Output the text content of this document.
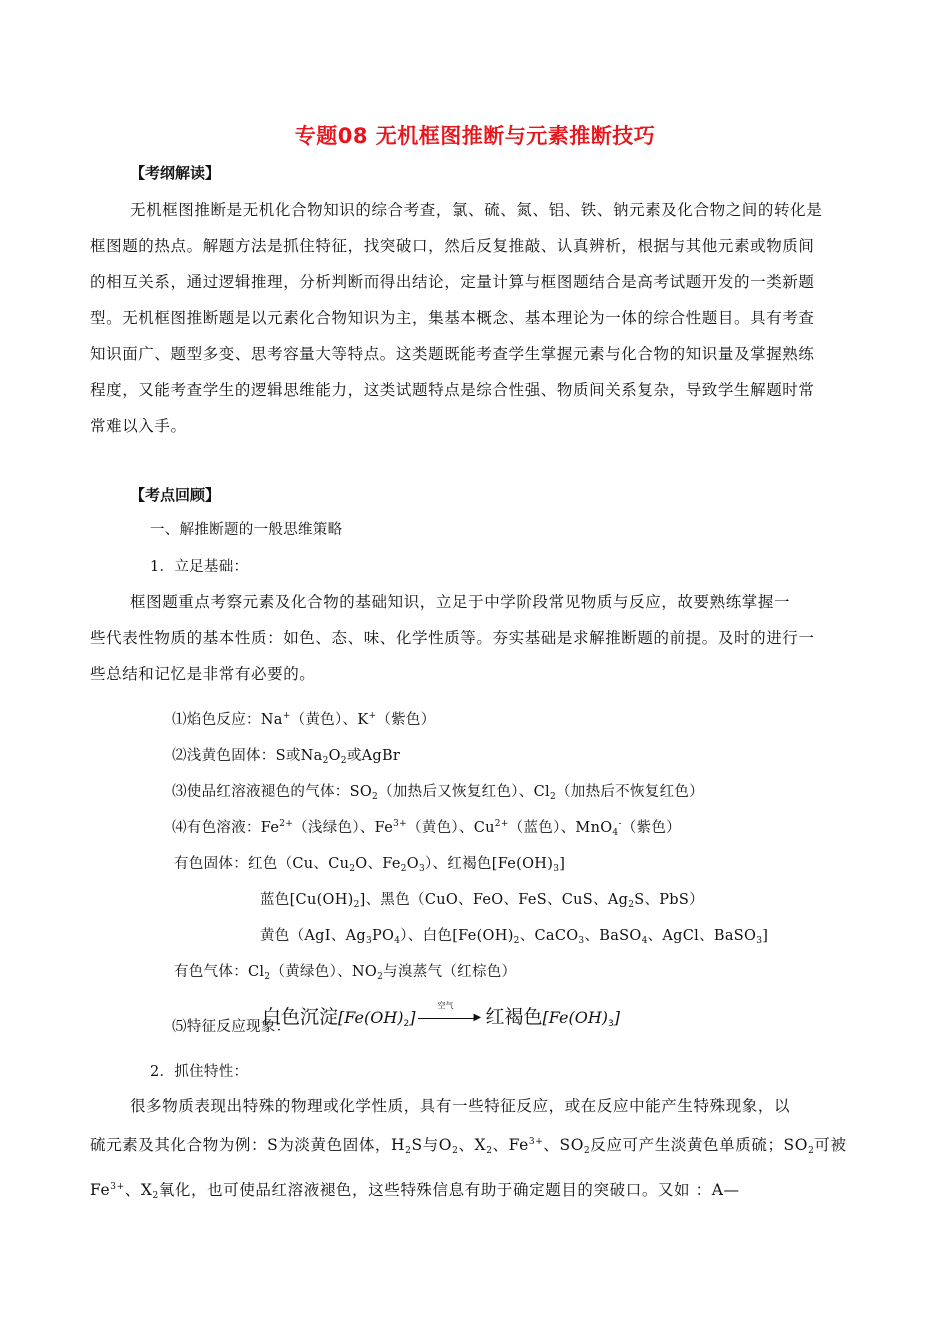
专题08 无机框图推断与元素推断技巧
【考纲解读】
无机框图推断是无机化合物知识的综合考查，氯、硫、氮、铝、铁、钠元素及化合物之间的转化是
框图题的热点。解题方法是抓住特征，找突破口，然后反复推敲、认真辨析，根据与其他元素或物质间
的相互关系，通过逻辑推理，分析判断而得出结论，定量计算与框图题结合是高考试题开发的一类新题
型。无机框图推断题是以元素化合物知识为主，集基本概念、基本理论为一体的综合性题目。具有考查
知识面广、题型多变、思考容量大等特点。这类题既能考查学生掌握元素与化合物的知识量及掌握熟练
程度，又能考查学生的逻辑思维能力，这类试题特点是综合性强、物质间关系复杂，导致学生解题时常
常难以入手。
【考点回顾】
一、解推断题的一般思维策略
1．立足基础：
框图题重点考察元素及化合物的基础知识，立足于中学阶段常见物质与反应，故要熟练掌握一
些代表性物质的基本性质：如色、态、味、化学性质等。夯实基础是求解推断题的前提。及时的进行一
些总结和记忆是非常有必要的。
⑴焰色反应：Na+（黄色）、K+（紫色）
⑵浅黄色固体：S或$Na_2O_2$或AgBr
⑶使品红溶液褪色的气体：$SO_2$（加热后又恢复红色）、$Cl_2$（加热后不恢复红色）
⑷有色溶液：$Fe^{2+}$（浅绿色）、$Fe^{3+}$（黄色）、$Cu^{2+}$（蓝色）、MnO$_4$-（紫色）
有色固体：红色（Cu、$Cu_2O$、$Fe_2O_3$）、红褐色$[Fe(OH)_3]$
蓝色$[Cu(OH)_2]$、黑色（CuO、FeO、FeS、CuS、$Ag_2S$、PbS）
黄色（AgI、$Ag_3PO_4$）、白色[$Fe(OH)_2$、CaCO$_3$、BaSO$_4$、AgCl、BaSO$_3$]
有色气体：$Cl_2$（黄绿色）、$NO_2$与溴蒸气（红棕色）
⑸特征反应现象：
白色沉淀$[Fe(OH)_2]$
空气
▶ 红褐色$[Fe(OH)_3]$
2．抓住特性：
很多物质表现出特殊的物理或化学性质，具有一些特征反应，或在反应中能产生特殊现象，以
硫元素及其化合物为例：S为淡黄色固体，$H_2S$与$O_2$、$X_2$、$Fe^{3+}$、$SO_2$反应可产生淡黄色单质硫；$SO_2$可被
$Fe^{3+}$、$X_2$氧化，也可使品红溶液褪色，这些特殊信息有助于确定题目的突破口。又如 ：A—
